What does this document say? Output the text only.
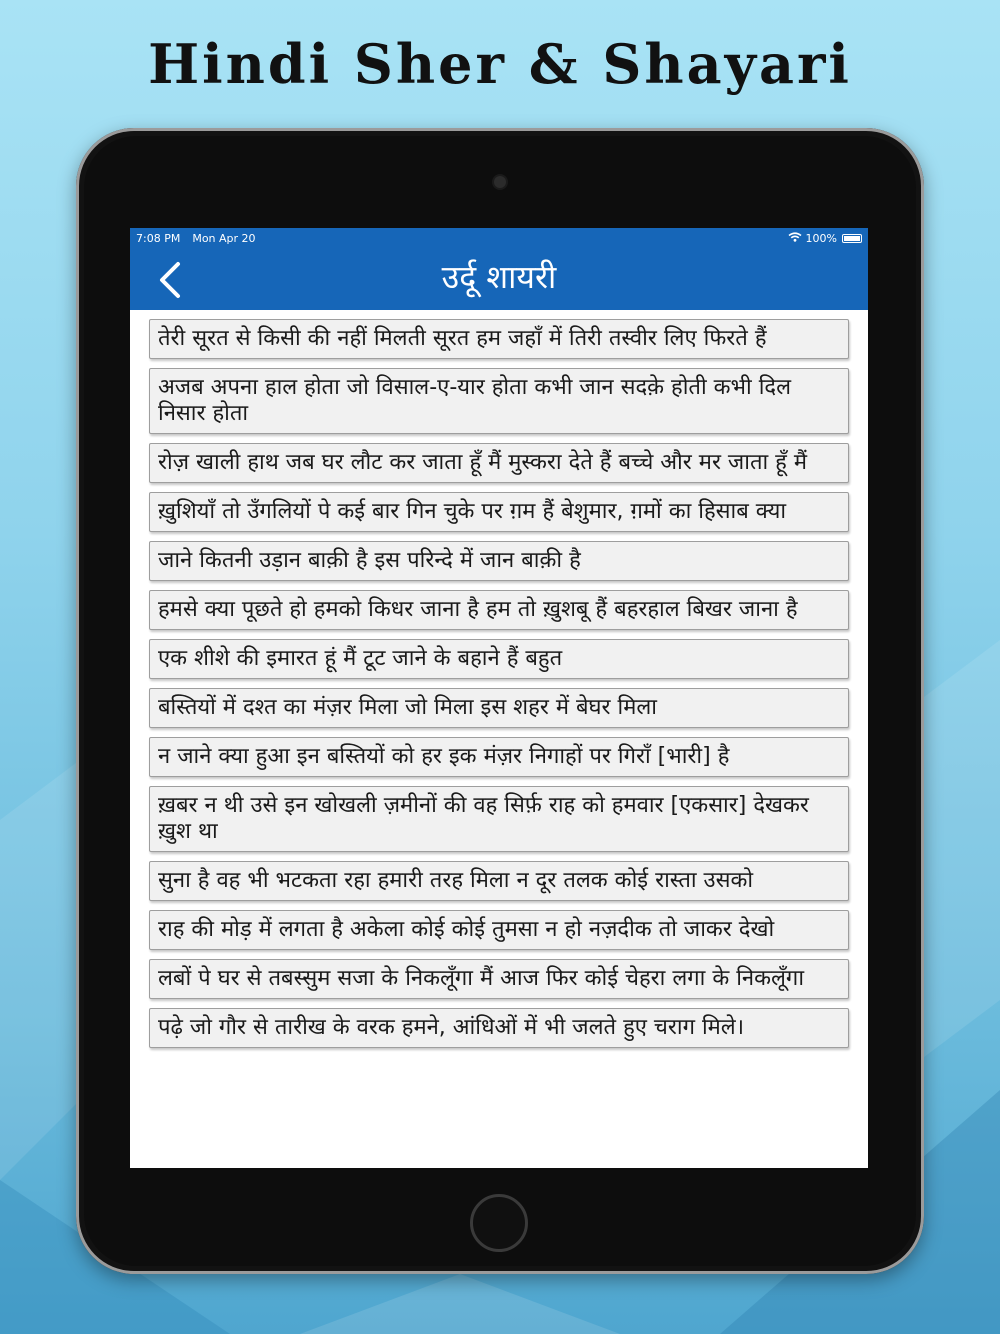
Hindi Sher & Shayari
7:08 PM Mon Apr 20	100%
उर्दू शायरी
तेरी सूरत से किसी की नहीं मिलती सूरत हम जहाँ में तिरी तस्वीर लिए फिरते हैं
अजब अपना हाल होता जो विसाल-ए-यार होता कभी जान सदक़े होती कभी दिल निसार होता
रोज़ खाली हाथ जब घर लौट कर जाता हूँ मैं मुस्करा देते हैं बच्चे और मर जाता हूँ मैं
ख़ुशियाँ तो उँगलियों पे कई बार गिन चुके पर ग़म हैं बेशुमार, ग़मों का हिसाब क्या
जाने कितनी उड़ान बाक़ी है इस परिन्दे में जान बाक़ी है
हमसे क्या पूछते हो हमको किधर जाना है हम तो ख़ुशबू हैं बहरहाल बिखर जाना है
एक शीशे की इमारत हूं मैं टूट जाने के बहाने हैं बहुत
बस्तियों में दश्त का मंज़र मिला जो मिला इस शहर में बेघर मिला
न जाने क्या हुआ इन बस्तियों को हर इक मंज़र निगाहों पर गिराँ [भारी] है
ख़बर न थी उसे इन खोखली ज़मीनों की वह सिर्फ़ राह को हमवार [एकसार] देखकर ख़ुश था
सुना है वह भी भटकता रहा हमारी तरह मिला न दूर तलक कोई रास्ता उसको
राह की मोड़ में लगता है अकेला कोई कोई तुमसा न हो नज़दीक तो जाकर देखो
लबों पे घर से तबस्सुम सजा के निकलूँगा मैं आज फिर कोई चेहरा लगा के निकलूँगा
पढ़े जो गौर से तारीख के वरक हमने, आंधिओं में भी जलते हुए चराग मिले।
